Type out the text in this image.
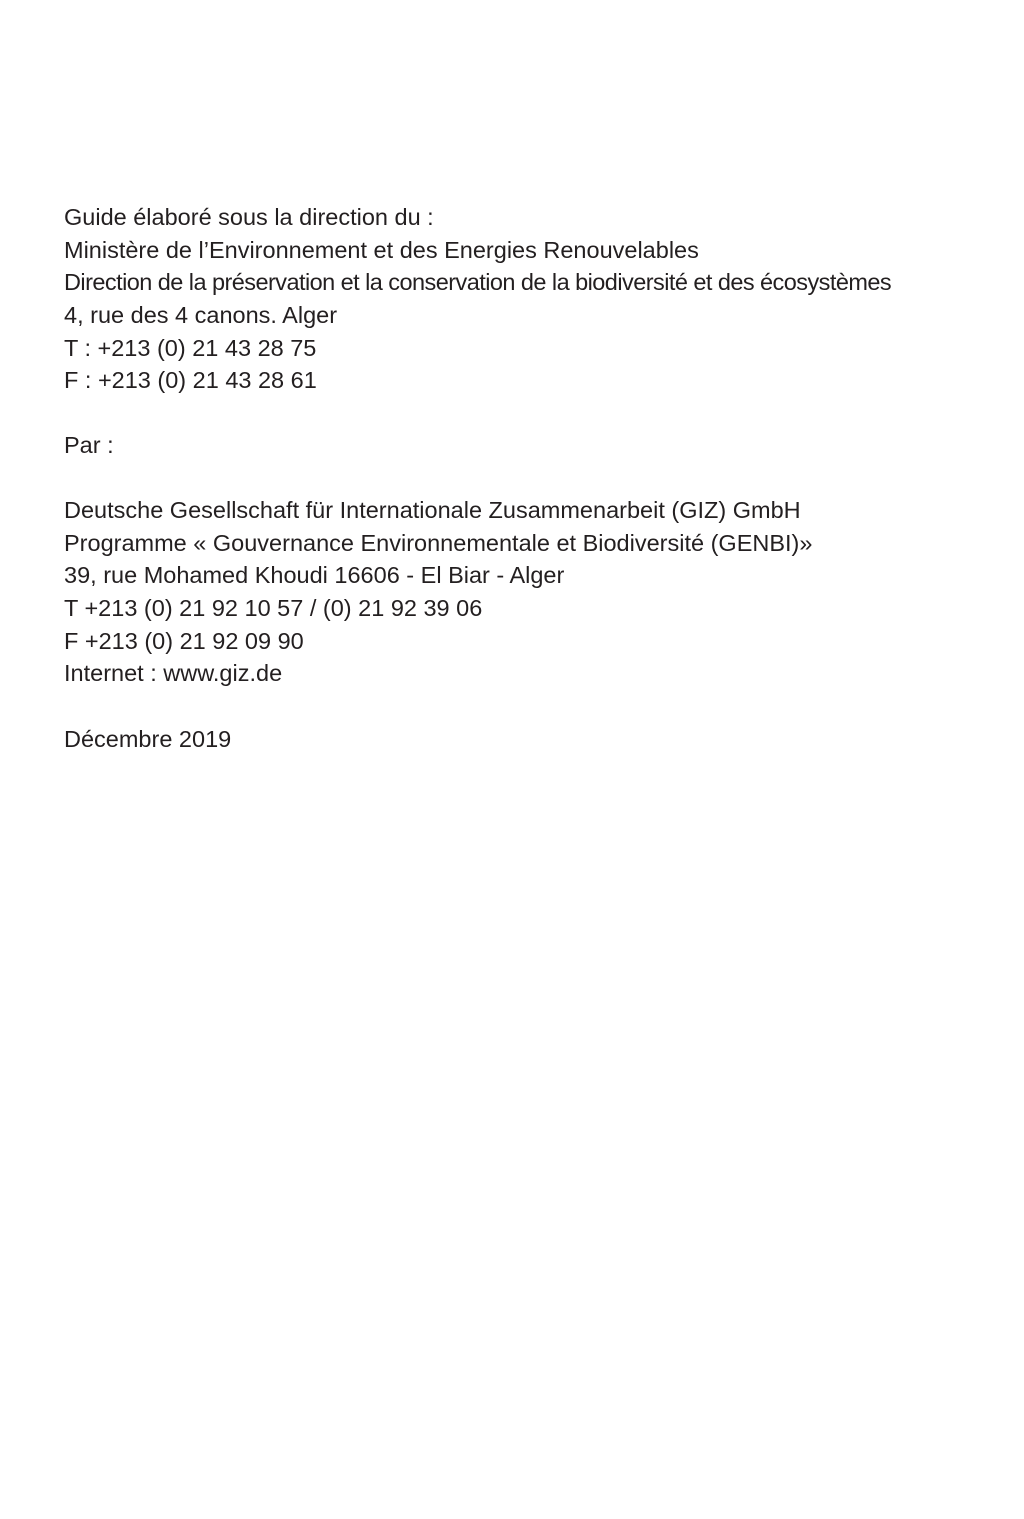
Guide élaboré sous la direction du :
Ministère de l’Environnement et des Energies Renouvelables
Direction de la préservation et la conservation de la biodiversité et des écosystèmes
4, rue des 4 canons. Alger
T : +213 (0) 21 43 28 75
F : +213 (0) 21 43 28 61
Par :
Deutsche Gesellschaft für Internationale Zusammenarbeit (GIZ) GmbH
Programme « Gouvernance Environnementale et Biodiversité (GENBI)»
39, rue Mohamed Khoudi 16606 - El Biar - Alger
T +213 (0) 21 92 10 57 / (0) 21 92 39 06
F +213 (0) 21 92 09 90
Internet : www.giz.de
Décembre 2019
